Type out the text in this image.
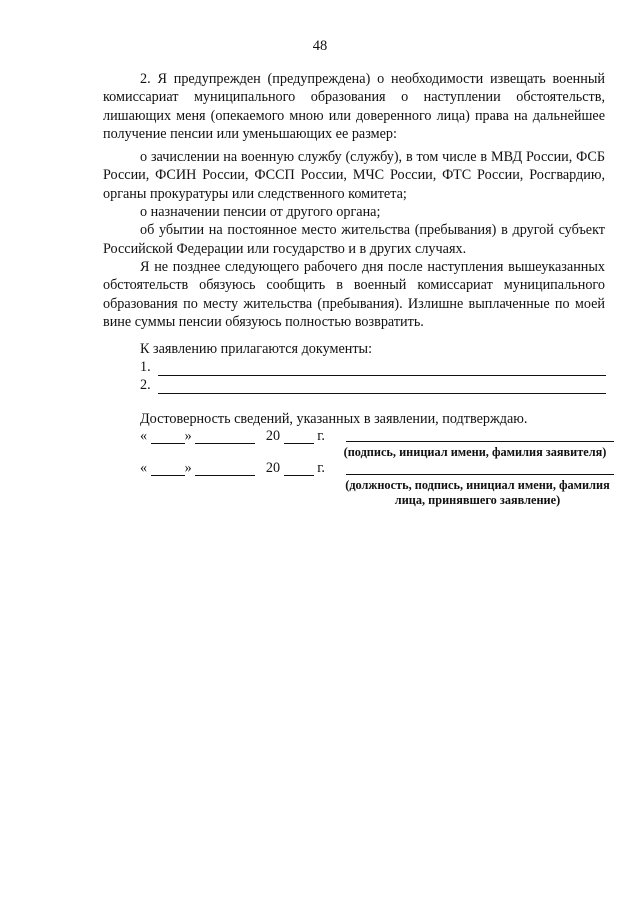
48

2. Я предупрежден (предупреждена) о необходимости извещать военный комиссариат муниципального образования о наступлении обстоятельств, лишающих меня (опекаемого мною или доверенного лица) права на дальнейшее получение пенсии или уменьшающих ее размер:

о зачислении на военную службу (службу), в том числе в МВД России, ФСБ России, ФСИН России, ФССП России, МЧС России, ФТС России, Росгвардию, органы прокуратуры или следственного комитета;

о назначении пенсии от другого органа;

об убытии на постоянное место жительства (пребывания) в другой субъект Российской Федерации или государство и в других случаях.

Я не позднее следующего рабочего дня после наступления вышеуказанных обстоятельств обязуюсь сообщить в военный комиссариат муниципального образования по месту жительства (пребывания). Излишне выплаченные по моей вине суммы пенсии обязуюсь полностью возвратить.

К заявлению прилагаются документы:
1.
2.
Достоверность сведений, указанных в заявлении, подтверждаю.
«
	»

	20

	г.
(подпись, инициал имени, фамилия заявителя)
«
	»

	20

	г.
(должность, подпись, инициал имени, фамилия
лица, принявшего заявление)
